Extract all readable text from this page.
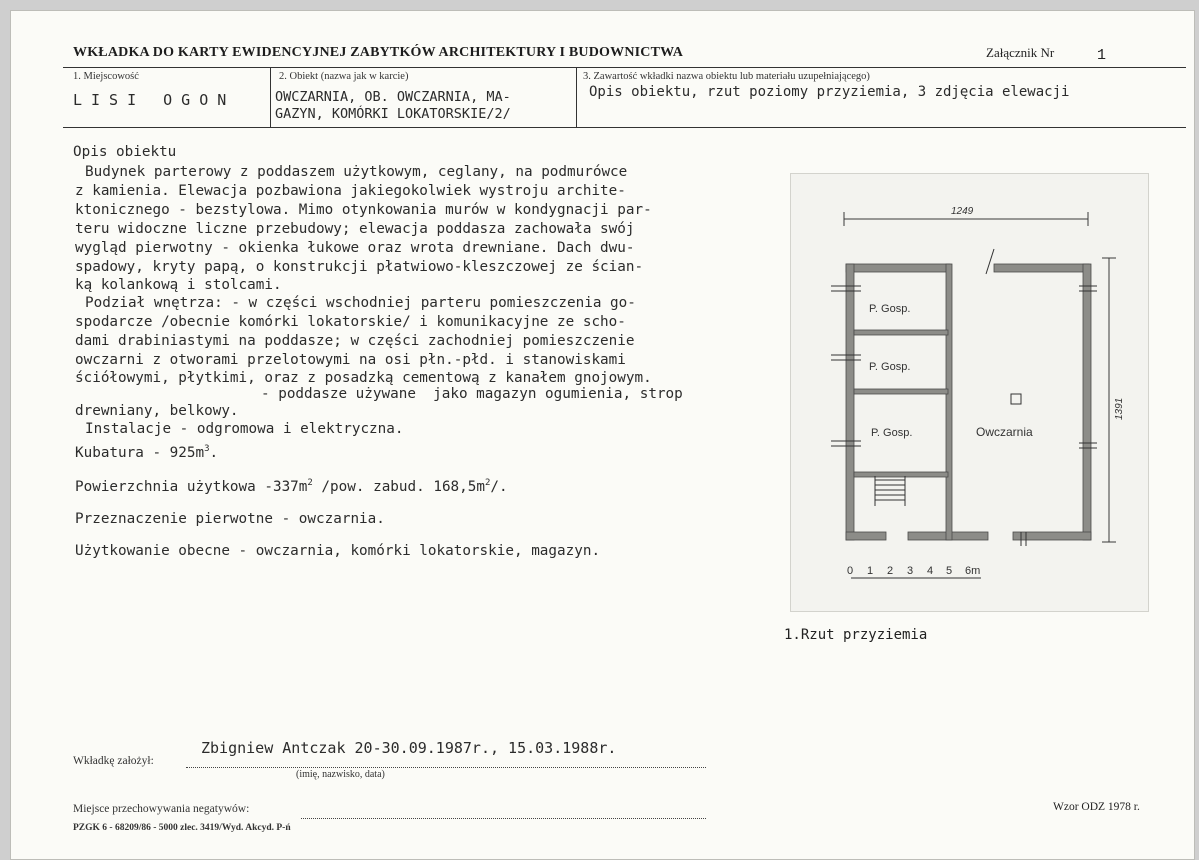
WKŁADKA DO KARTY EWIDENCYJNEJ ZABYTKÓW ARCHITEKTURY I BUDOWNICTWA	Załącznik Nr	1
1. Miejscowość
LISI OGON
2. Obiekt (nazwa jak w karcie)
OWCZARNIA, OB. OWCZARNIA, MA-
GAZYN, KOMÓRKI LOKATORSKIE/2/
3. Zawartość wkładki nazwa obiektu lub materiału uzupełniającego)
Opis obiektu, rzut poziomy przyziemia, 3 zdjęcia elewacji
Opis obiektu
Budynek parterowy z poddaszem użytkowym, ceglany, na podmurówce
z kamienia. Elewacja pozbawiona jakiegokolwiek wystroju archite-
ktonicznego - bezstylowa. Mimo otynkowania murów w kondygnacji par-
teru widoczne liczne przebudowy; elewacja poddasza zachowała swój
wygląd pierwotny - okienka łukowe oraz wrota drewniane. Dach dwu-
spadowy, kryty papą, o konstrukcji płatwiowo-kleszczowej ze ścian-
ką kolankową i stolcami.
Podział wnętrza: - w części wschodniej parteru pomieszczenia go-
spodarcze /obecnie komórki lokatorskie/ i komunikacyjne ze scho-
dami drabiniastymi na poddasze; w części zachodniej pomieszczenie
owczarni z otworami przelotowymi na osi płn.-płd. i stanowiskami
ściółowymi, płytkimi, oraz z posadzką cementową z kanałem gnojowym.
- poddasze używane  jako magazyn ogumienia, strop
drewniany, belkowy.
Instalacje - odgromowa i elektryczna.
Kubatura - $925m^3$.
Powierzchnia użytkowa $-337m^2$ /pow. zabud. $168,5m^2/$.
Przeznaczenie pierwotne - owczarnia.
Użytkowanie obecne - owczarnia, komórki lokatorskie, magazyn.
1249
1391
P. Gosp.
P. Gosp.
P. Gosp.	Owczarnia
0 1 2 3 4 5 6m
1.Rzut przyziemia
Wkładkę założył:
Zbigniew Antczak 20-30.09.1987r., 15.03.1988r.
(imię, nazwisko, data)
Miejsce przechowywania negatywów:	Wzor ODZ 1978 r.
PZGK 6 - 68209/86 - 5000 zlec. 3419/Wyd. Akcyd. P-ń
